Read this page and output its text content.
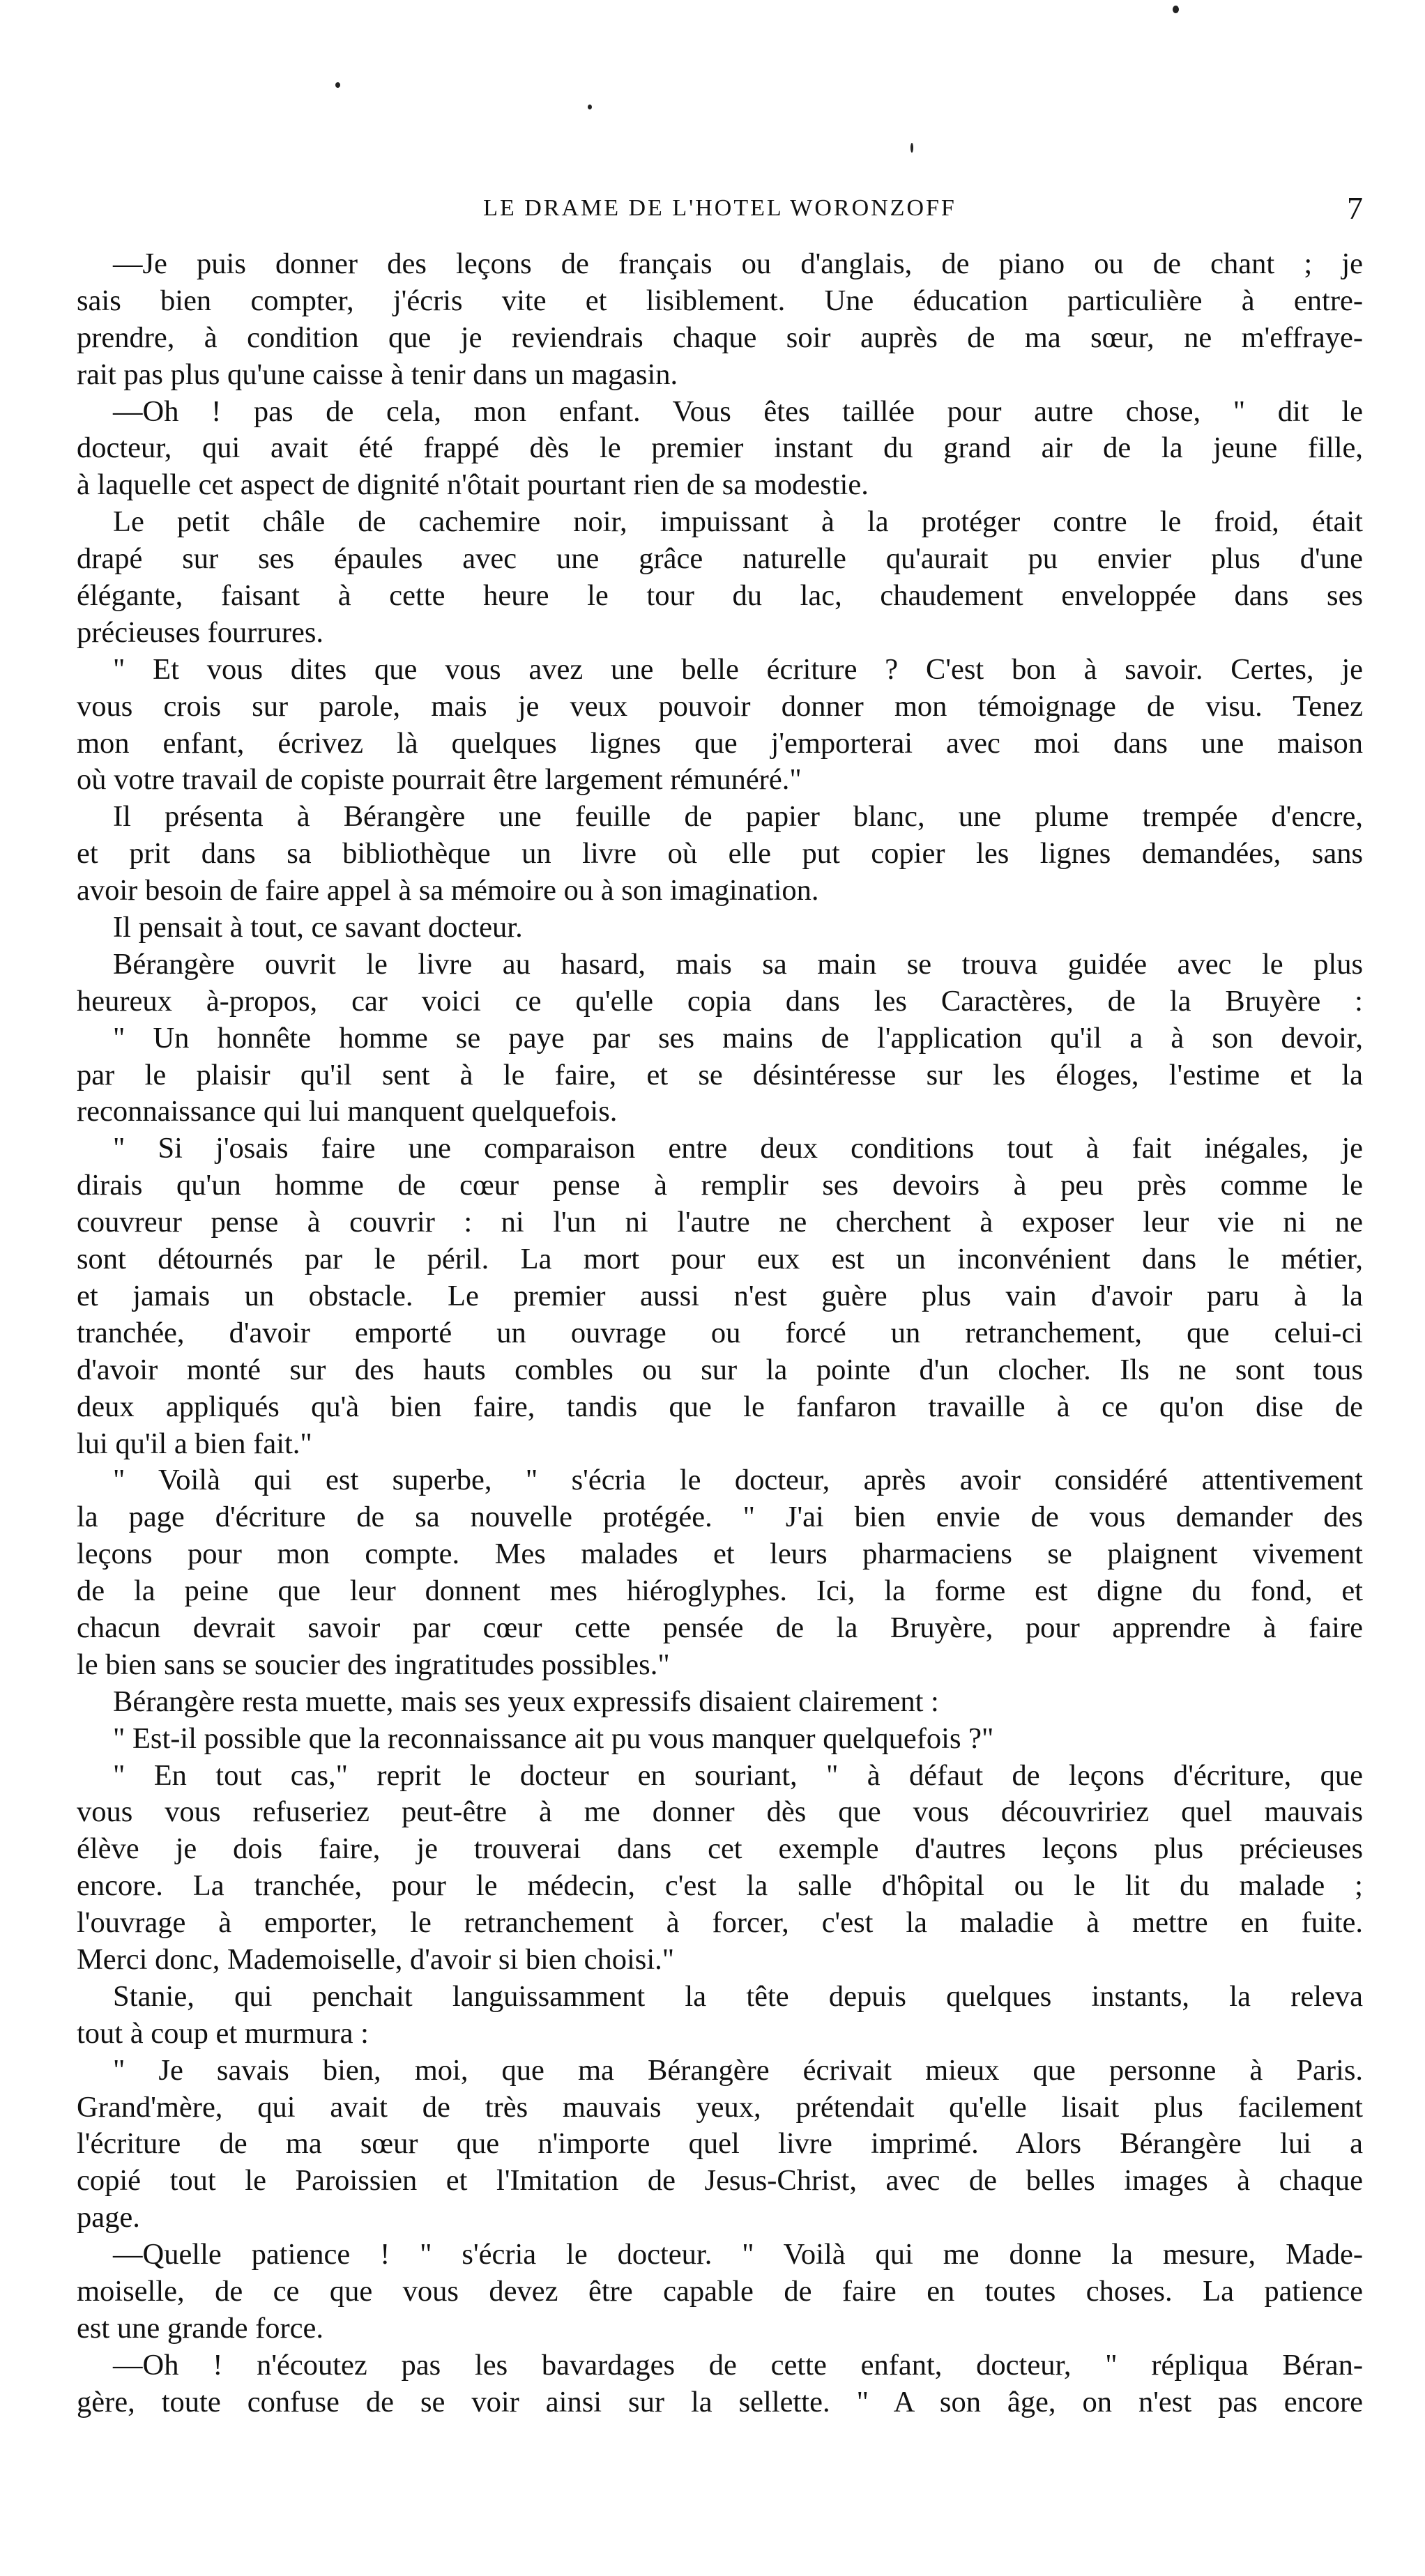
LE DRAME DE L'HOTEL WORONZOFF	7
—Je puis donner des leçons de français ou d'anglais, de piano ou de chant ; je
sais bien compter, j'écris vite et lisiblement. Une éducation particulière à entre-
prendre, à condition que je reviendrais chaque soir auprès de ma sœur, ne m'effraye-
rait pas plus qu'une caisse à tenir dans un magasin.
—Oh ! pas de cela, mon enfant. Vous êtes taillée pour autre chose, " dit le
docteur, qui avait été frappé dès le premier instant du grand air de la jeune fille,
à laquelle cet aspect de dignité n'ôtait pourtant rien de sa modestie.
Le petit châle de cachemire noir, impuissant à la protéger contre le froid, était
drapé sur ses épaules avec une grâce naturelle qu'aurait pu envier plus d'une
élégante, faisant à cette heure le tour du lac, chaudement enveloppée dans ses
précieuses fourrures.
" Et vous dites que vous avez une belle écriture ? C'est bon à savoir. Certes, je
vous crois sur parole, mais je veux pouvoir donner mon témoignage de visu. Tenez
mon enfant, écrivez là quelques lignes que j'emporterai avec moi dans une maison
où votre travail de copiste pourrait être largement rémunéré."
Il présenta à Bérangère une feuille de papier blanc, une plume trempée d'encre,
et prit dans sa bibliothèque un livre où elle put copier les lignes demandées, sans
avoir besoin de faire appel à sa mémoire ou à son imagination.
Il pensait à tout, ce savant docteur.
Bérangère ouvrit le livre au hasard, mais sa main se trouva guidée avec le plus
heureux à-propos, car voici ce qu'elle copia dans les Caractères, de la Bruyère :
" Un honnête homme se paye par ses mains de l'application qu'il a à son devoir,
par le plaisir qu'il sent à le faire, et se désintéresse sur les éloges, l'estime et la
reconnaissance qui lui manquent quelquefois.
" Si j'osais faire une comparaison entre deux conditions tout à fait inégales, je
dirais qu'un homme de cœur pense à remplir ses devoirs à peu près comme le
couvreur pense à couvrir : ni l'un ni l'autre ne cherchent à exposer leur vie ni ne
sont détournés par le péril. La mort pour eux est un inconvénient dans le métier,
et jamais un obstacle. Le premier aussi n'est guère plus vain d'avoir paru à la
tranchée, d'avoir emporté un ouvrage ou forcé un retranchement, que celui-ci
d'avoir monté sur des hauts combles ou sur la pointe d'un clocher. Ils ne sont tous
deux appliqués qu'à bien faire, tandis que le fanfaron travaille à ce qu'on dise de
lui qu'il a bien fait."
" Voilà qui est superbe, " s'écria le docteur, après avoir considéré attentivement
la page d'écriture de sa nouvelle protégée. " J'ai bien envie de vous demander des
leçons pour mon compte. Mes malades et leurs pharmaciens se plaignent vivement
de la peine que leur donnent mes hiéroglyphes. Ici, la forme est digne du fond, et
chacun devrait savoir par cœur cette pensée de la Bruyère, pour apprendre à faire
le bien sans se soucier des ingratitudes possibles."
Bérangère resta muette, mais ses yeux expressifs disaient clairement :
" Est-il possible que la reconnaissance ait pu vous manquer quelquefois ?"
" En tout cas," reprit le docteur en souriant, " à défaut de leçons d'écriture, que
vous vous refuseriez peut-être à me donner dès que vous découvririez quel mauvais
élève je dois faire, je trouverai dans cet exemple d'autres leçons plus précieuses
encore. La tranchée, pour le médecin, c'est la salle d'hôpital ou le lit du malade ;
l'ouvrage à emporter, le retranchement à forcer, c'est la maladie à mettre en fuite.
Merci donc, Mademoiselle, d'avoir si bien choisi."
Stanie, qui penchait languissamment la tête depuis quelques instants, la releva
tout à coup et murmura :
" Je savais bien, moi, que ma Bérangère écrivait mieux que personne à Paris.
Grand'mère, qui avait de très mauvais yeux, prétendait qu'elle lisait plus facilement
l'écriture de ma sœur que n'importe quel livre imprimé. Alors Bérangère lui a
copié tout le Paroissien et l'Imitation de Jesus-Christ, avec de belles images à chaque
page.
—Quelle patience ! " s'écria le docteur. " Voilà qui me donne la mesure, Made-
moiselle, de ce que vous devez être capable de faire en toutes choses. La patience
est une grande force.
—Oh ! n'écoutez pas les bavardages de cette enfant, docteur, " répliqua Béran-
gère, toute confuse de se voir ainsi sur la sellette. " A son âge, on n'est pas encore
